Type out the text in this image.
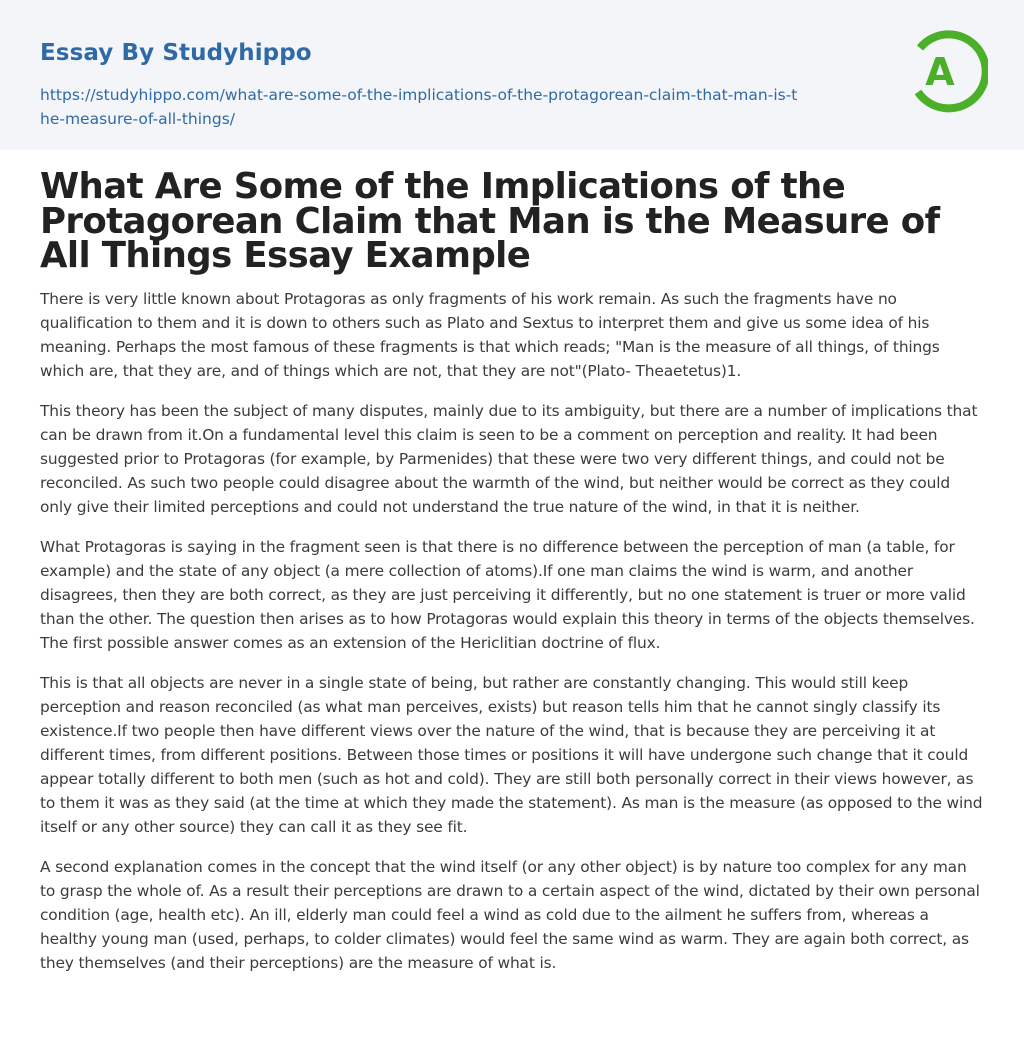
Essay By Studyhippo
https://studyhippo.com/what-are-some-of-the-implications-of-the-protagorean-claim-that-man-is-the-measure-of-all-things/
A
What Are Some of the Implications of the Protagorean Claim that Man is the Measure of All Things Essay Example

There is very little known about Protagoras as only fragments of his work remain. As such the fragments have no qualification to them and it is down to others such as Plato and Sextus to interpret them and give us some idea of his meaning. Perhaps the most famous of these fragments is that which reads; "Man is the measure of all things, of things which are, that they are, and of things which are not, that they are not"(Plato- Theaetetus)1.

This theory has been the subject of many disputes, mainly due to its ambiguity, but there are a number of implications that can be drawn from it.On a fundamental level this claim is seen to be a comment on perception and reality. It had been suggested prior to Protagoras (for example, by Parmenides) that these were two very different things, and could not be reconciled. As such two people could disagree about the warmth of the wind, but neither would be correct as they could only give their limited perceptions and could not understand the true nature of the wind, in that it is neither.

What Protagoras is saying in the fragment seen is that there is no difference between the perception of man (a table, for example) and the state of any object (a mere collection of atoms).If one man claims the wind is warm, and another disagrees, then they are both correct, as they are just perceiving it differently, but no one statement is truer or more valid than the other. The question then arises as to how Protagoras would explain this theory in terms of the objects themselves. The first possible answer comes as an extension of the Hericlitian doctrine of flux.

This is that all objects are never in a single state of being, but rather are constantly changing. This would still keep perception and reason reconciled (as what man perceives, exists) but reason tells him that he cannot singly classify its existence.If two people then have different views over the nature of the wind, that is because they are perceiving it at different times, from different positions. Between those times or positions it will have undergone such change that it could appear totally different to both men (such as hot and cold). They are still both personally correct in their views however, as to them it was as they said (at the time at which they made the statement). As man is the measure (as opposed to the wind itself or any other source) they can call it as they see fit.

A second explanation comes in the concept that the wind itself (or any other object) is by nature too complex for any man to grasp the whole of. As a result their perceptions are drawn to a certain aspect of the wind, dictated by their own personal condition (age, health etc). An ill, elderly man could feel a wind as cold due to the ailment he suffers from, whereas a healthy young man (used, perhaps, to colder climates) would feel the same wind as warm. They are again both correct, as they themselves (and their perceptions) are the measure of what is.
